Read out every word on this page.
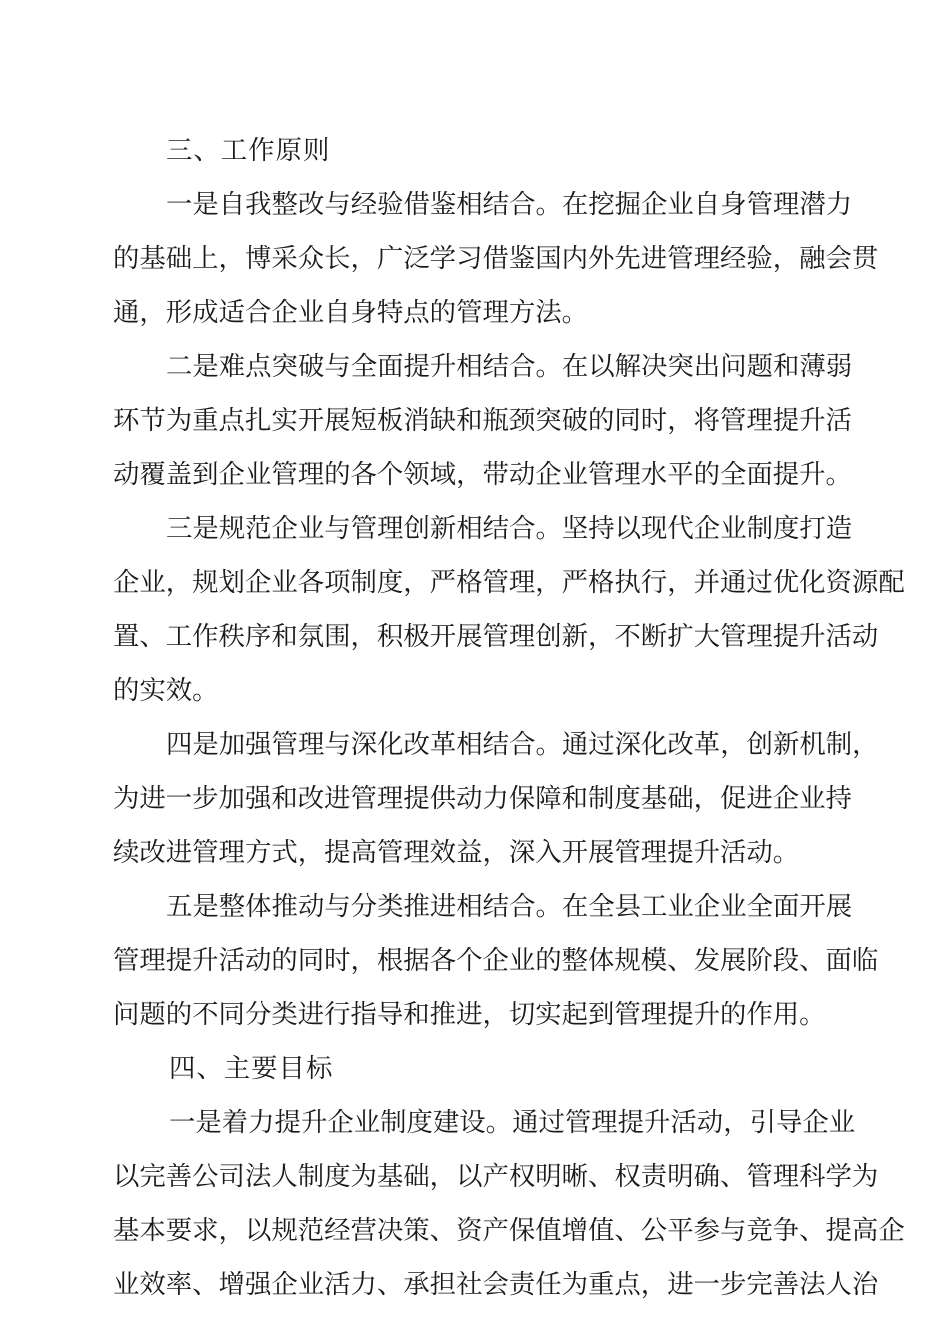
三、工作原则
一是自我整改与经验借鉴相结合。在挖掘企业自身管理潜力
的基础上，博采众长，广泛学习借鉴国内外先进管理经验，融会贯
通，形成适合企业自身特点的管理方法。
二是难点突破与全面提升相结合。在以解决突出问题和薄弱
环节为重点扎实开展短板消缺和瓶颈突破的同时，将管理提升活
动覆盖到企业管理的各个领域，带动企业管理水平的全面提升。
三是规范企业与管理创新相结合。坚持以现代企业制度打造
企业，规划企业各项制度，严格管理，严格执行，并通过优化资源配
置、工作秩序和氛围，积极开展管理创新，不断扩大管理提升活动
的实效。
四是加强管理与深化改革相结合。通过深化改革，创新机制，
为进一步加强和改进管理提供动力保障和制度基础，促进企业持
续改进管理方式，提高管理效益，深入开展管理提升活动。
五是整体推动与分类推进相结合。在全县工业企业全面开展
管理提升活动的同时，根据各个企业的整体规模、发展阶段、面临
问题的不同分类进行指导和推进，切实起到管理提升的作用。
四、主要目标
一是着力提升企业制度建设。通过管理提升活动，引导企业
以完善公司法人制度为基础，以产权明晰、权责明确、管理科学为
基本要求，以规范经营决策、资产保值增值、公平参与竞争、提高企
业效率、增强企业活力、承担社会责任为重点，进一步完善法人治
